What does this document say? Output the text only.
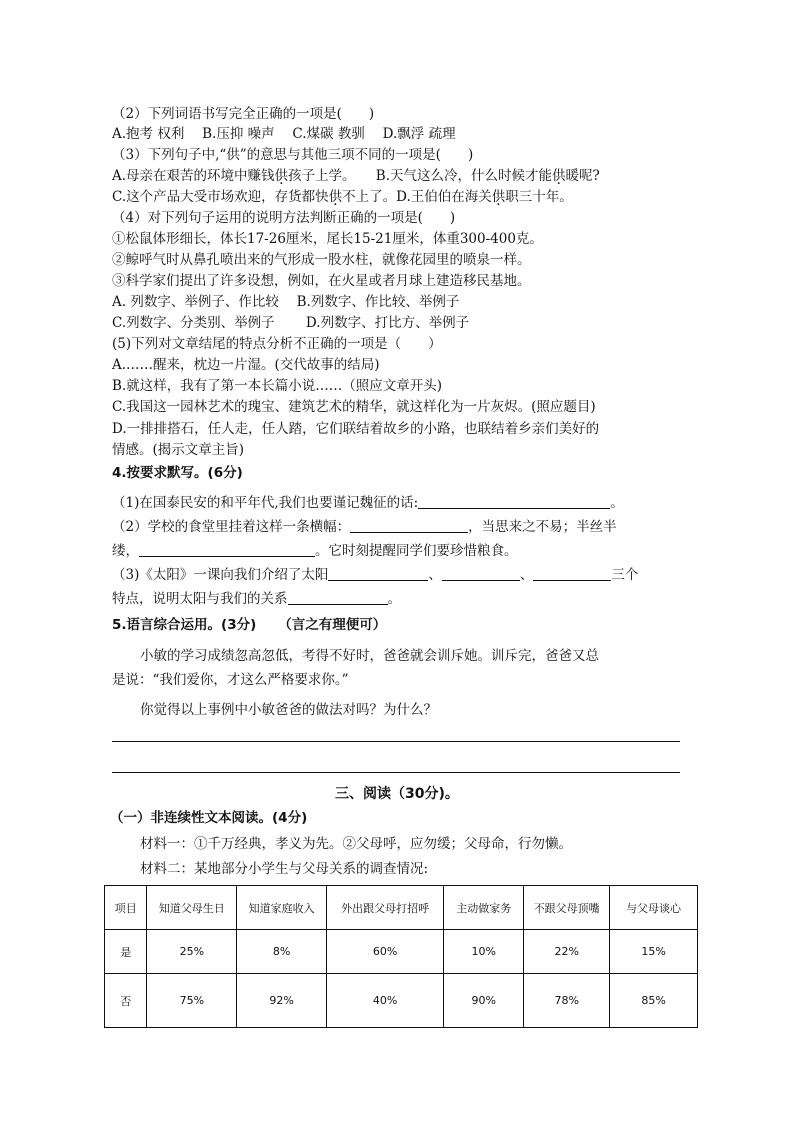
（2）下列词语书写完全正确的一项是(　　)
A.抱考 权利　 B.压抑 噪声　 C.煤碳 教驯　 D.飘浮 疏理
（3）下列句子中,“供”的意思与其他三项不同的一项是(　　)
A.母亲在艰苦的环境中赚钱供孩子上学。　　B.天气这么冷，什么时候才能供暖呢?
C.这个产品大受市场欢迎，存货都快供不上了。D.王伯伯在海关供职三十年。
（4）对下列句子运用的说明方法判断正确的一项是(　　)
①松鼠体形细长，体长17-26厘米，尾长15-21厘米，体重300-400克。
②鲸呼气时从鼻孔喷出来的气形成一股水柱，就像花园里的喷泉一样。
③科学家们提出了许多设想，例如，在火星或者月球上建造移民基地。
A. 列数字、举例子、作比较　 B.列数字、作比较、举例子
C.列数字、分类别、举例子　　 D.列数字、打比方、举例子
(5)下列对文章结尾的特点分析不正确的一项是（　　）
A.……醒来，枕边一片湿。(交代故事的结局)
B.就这样，我有了第一本长篇小说……（照应文章开头)
C.我国这一园林艺术的瑰宝、建筑艺术的精华，就这样化为一片灰烬。(照应题目)
D.一排排搭石，任人走，任人踏，它们联结着故乡的小路，也联结着乡亲们美好的
情感。(揭示文章主旨)
4.按要求默写。(6分)
（1)在国泰民安的和平年代,我们也要谨记魏征的话:	。
（2）学校的食堂里挂着这样一条横幅：	，当思来之不易；半丝半
缕，	。它时刻提醒同学们要珍惜粮食。
（3)《太阳》一课向我们介绍了太阳	、	、	三个
特点，说明太阳与我们的关系	。
5.语言综合运用。(3分) （言之有理便可）
小敏的学习成绩忽高忽低，考得不好时，爸爸就会训斥她。训斥完，爸爸又总
是说：“我们爱你，才这么严格要求你。”
你觉得以上事例中小敏爸爸的做法对吗？为什么？
三、阅读（30分)。
（一）非连续性文本阅读。(4分)
材料一：①千万经典，孝义为先。②父母呼，应勿缓；父母命，行勿懒。
材料二：某地部分小学生与父母关系的调查情况:
项目	知道父母生日	知道家庭收入	外出跟父母打招呼	主动做家务	不跟父母顶嘴	与父母谈心
是	25%	8%	60%	10%	22%	15%
否	75%	92%	40%	90%	78%	85%
